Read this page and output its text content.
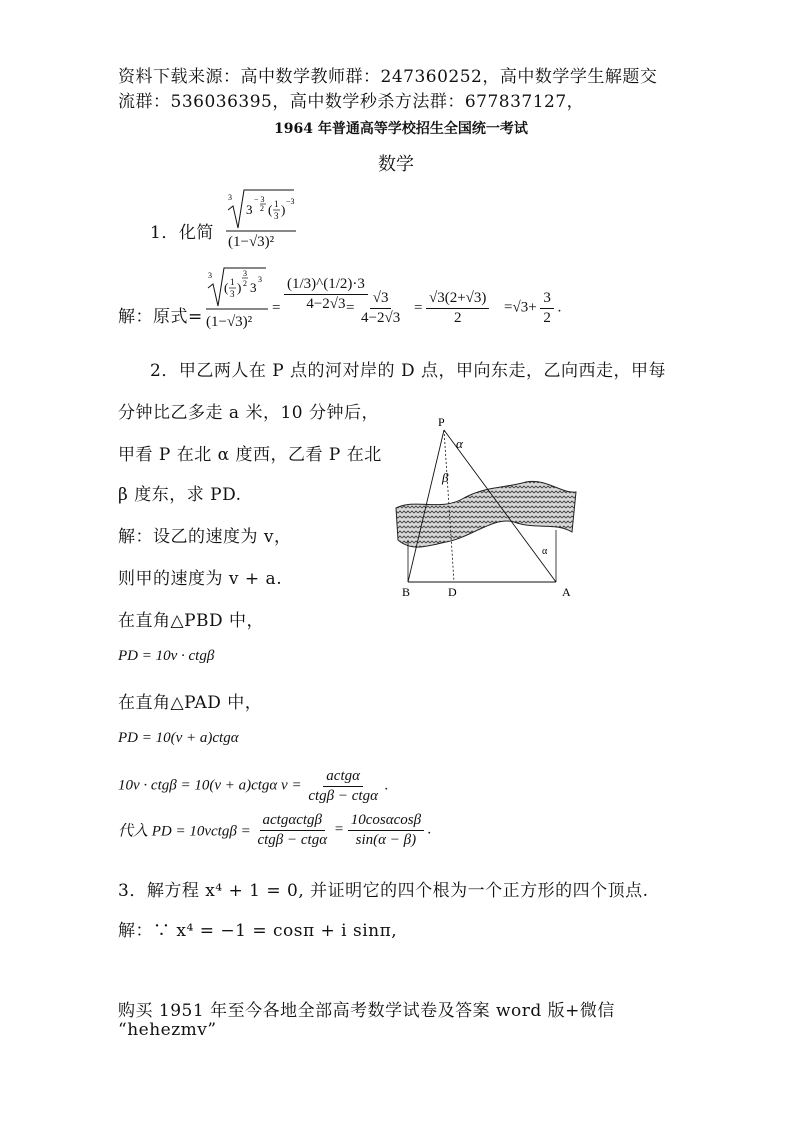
资料下载来源：高中数学教师群：247360252，高中数学学生解题交
流群：536036395，高中数学秒杀方法群：677837127，
1964 年普通高等学校招生全国统一考试
数学
1．化简
3
3
− 3
2 ( 1
3 )
−3
(1−√3)²
解：原式=
3
( 1
3 )
3
2 3
3
(1−√3)²
= $\frac{(1/3)\^{}(1/2)\cdot 3}{4-2√3}$
= $\frac{√3}{4-2√3} = \frac{√3(2+√3)}{2} =√3+ \frac{3}{2}$ .
2．甲乙两人在 P 点的河对岸的 D 点，甲向东走，乙向西走，甲每
分钟比乙多走 a 米，10 分钟后，
甲看 P 在北 α 度西，乙看 P 在北
β 度东，求 PD.
解：设乙的速度为 v，
则甲的速度为 v + a.
在直角△PBD 中，
PD = 10v · ctgβ
在直角△PAD 中，
PD = 10(v + a)ctgα
10v · ctgβ = 10(v + a)ctgα $v = \frac{\text{actgα}}{\text{ctgβ − ctgα}}$ .
代入 PD = 10vctgβ = $\frac{\text{actgαctgβ}}{\text{ctgβ − ctgα}} = \frac{10\cos\alpha\cos\beta}{\sin(\alpha - \beta)}$ .
P
α
β
α
B	D	A
3．解方程 x⁴ + 1 = 0, 并证明它的四个根为一个正方形的四个顶点.
解：∵ x⁴ = −1 = cosπ + i sinπ,
购买 1951 年至今各地全部高考数学试卷及答案 word 版+微信
“hehezmv”
